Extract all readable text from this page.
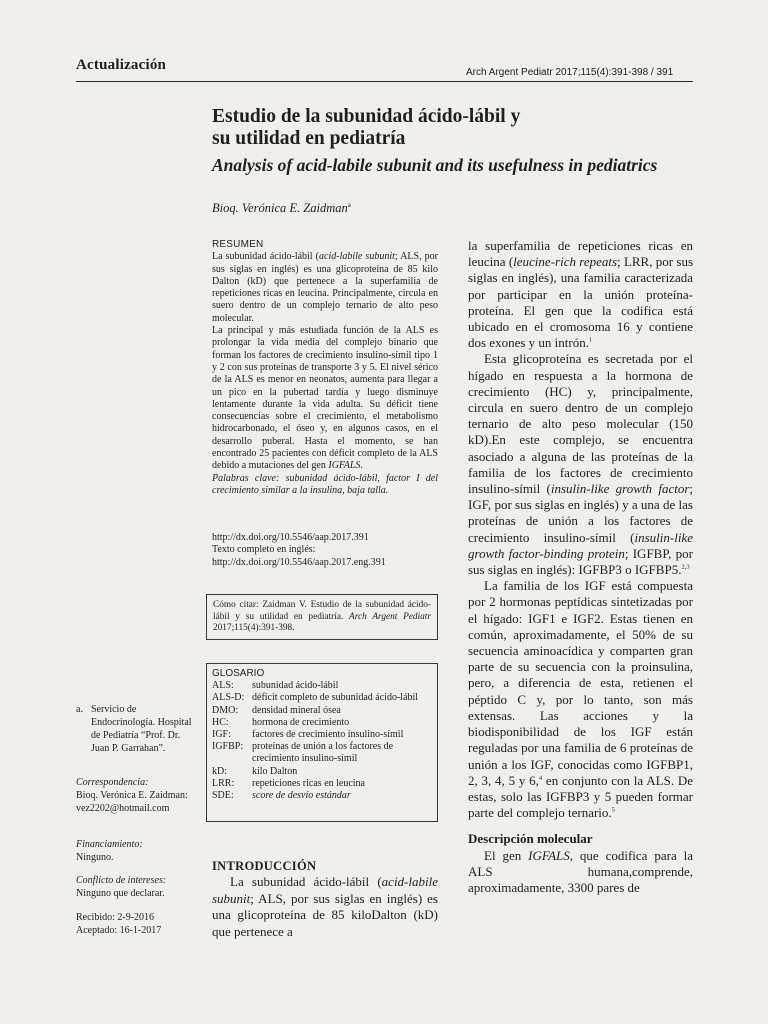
Actualización	Arch Argent Pediatr 2017;115(4):391-398 / 391
Estudio de la subunidad ácido-lábil y
su utilidad en pediatría
Analysis of acid-labile subunit and its usefulness in pediatrics
Bioq. Verónica E. Zaidman$^a$

RESUMEN

La subunidad ácido-lábil (acid-labile subunit; ALS, por sus siglas en inglés) es una glicoproteína de 85 kilo Dalton (kD) que pertenece a la superfamilia de repeticiones ricas en leucina. Principalmente, circula en suero dentro de un complejo ternario de alto peso molecular.

La principal y más estudiada función de la ALS es prolongar la vida media del complejo binario que forman los factores de crecimiento insulino-símil tipo 1 y 2 con sus proteínas de transporte 3 y 5. El nivel sérico de la ALS es menor en neonatos, aumenta para llegar a un pico en la pubertad tardía y luego disminuye lentamente durante la vida adulta. Su déficit tiene consecuencias sobre el crecimiento, el metabolismo hidrocarbonado, el óseo y, en algunos casos, en el desarrollo puberal. Hasta el momento, se han encontrado 25 pacientes con déficit completo de la ALS debido a mutaciones del gen IGFALS.

Palabras clave: subunidad ácido-lábil, factor I del crecimiento similar a la insulina, baja talla.

http://dx.doi.org/10.5546/aap.2017.391
Texto completo en inglés:
http://dx.doi.org/10.5546/aap.2017.eng.391
Cómo citar: Zaidman V. Estudio de la subunidad ácido-lábil y su utilidad en pediatría. Arch Argent Pediatr 2017;115(4):391-398.
GLOSARIO
ALS:	subunidad ácido-lábil
ALS-D: déficit completo de subunidad ácido-lábil
DMO:	densidad mineral ósea
HC:	hormona de crecimiento
IGF:	factores de crecimiento insulino-símil
IGFBP: proteínas de unión a los factores de crecimiento insulino-símil
kD:	kilo Dalton
LRR:	repeticiones ricas en leucina
SDE:	score de desvío estándar
a. Servicio de Endocrinología. Hospital de Pediatría “Prof. Dr. Juan P. Garrahan”.
Correspondencia:
Bioq. Verónica E. Zaidman:
vez2202@hotmail.com
Financiamiento:
Ninguno.
Conflicto de intereses:
Ninguno que declarar.
Recibido: 2-9-2016
Aceptado: 16-1-2017
INTRODUCCIÓN

La subunidad ácido-lábil (acid-labile subunit; ALS, por sus siglas en inglés) es una glicoproteína de 85 kiloDalton (kD) que pertenece a

la superfamilia de repeticiones ricas en leucina (leucine-rich repeats; LRR, por sus siglas en inglés), una familia caracterizada por participar en la unión proteína-proteína. El gen que la codifica está ubicado en el cromosoma 16 y contiene dos exones y un intrón.$^1$

Esta glicoproteína es secretada por el hígado en respuesta a la hormona de crecimiento (HC) y, principalmente, circula en suero dentro de un complejo ternario de alto peso molecular (150 kD).En este complejo, se encuentra asociado a alguna de las proteínas de la familia de los factores de crecimiento insulino-símil (insulin-like growth factor; IGF, por sus siglas en inglés) y a una de las proteínas de unión a los factores de crecimiento insulino-símil (insulin-like growth factor-binding protein; IGFBP, por sus siglas en inglés): IGFBP3 o IGFBP5.$^{2,3}$

La familia de los IGF está compuesta por 2 hormonas peptídicas sintetizadas por el hígado: IGF1 e IGF2. Estas tienen en común, aproximadamente, el 50% de su secuencia aminoacídica y comparten gran parte de su secuencia con la proinsulina, pero, a diferencia de esta, retienen el péptido C y, por lo tanto, son más extensas. Las acciones y la biodisponibilidad de los IGF están reguladas por una familia de 6 proteínas de unión a los IGF, conocidas como IGFBP1, 2, 3, 4, 5 y 6,$^4$ en conjunto con la ALS. De estas, solo las IGFBP3 y 5 pueden formar parte del complejo ternario.$^5$

Descripción molecular

El gen IGFALS, que codifica para la ALS humana,comprende, aproximadamente, 3300 pares de
